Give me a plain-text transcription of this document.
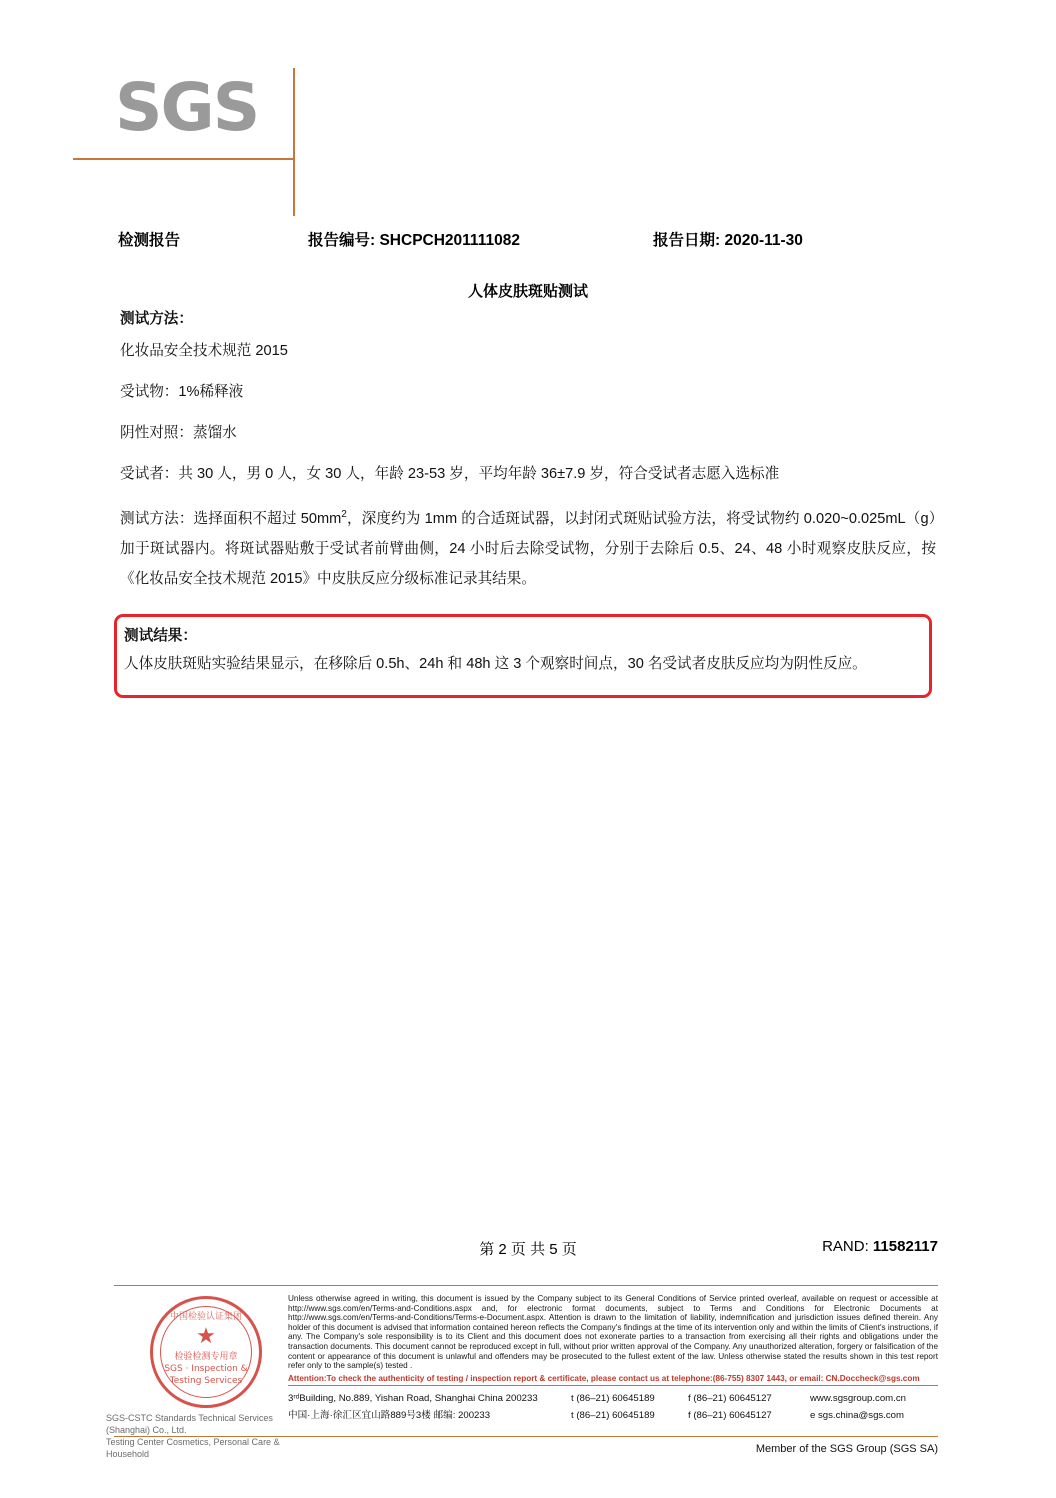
SGS
检测报告	报告编号: SHCPCH201111082	报告日期: 2020-11-30
人体皮肤斑贴测试
测试方法：
化妆品安全技术规范 2015
受试物：1%稀释液
阴性对照：蒸馏水
受试者：共 30 人，男 0 人，女 30 人，年龄 23-53 岁，平均年龄 36±7.9 岁，符合受试者志愿入选标准
测试方法：选择面积不超过 $50mm^2$，深度约为 1mm 的合适斑试器，以封闭式斑贴试验方法，将受试物约 0.020~0.025mL（g）加于斑试器内。将斑试器贴敷于受试者前臂曲侧，24 小时后去除受试物，分别于去除后 0.5、24、48 小时观察皮肤反应，按《化妆品安全技术规范 2015》中皮肤反应分级标准记录其结果。
测试结果：
人体皮肤斑贴实验结果显示，在移除后 0.5h、24h 和 48h 这 3 个观察时间点，30 名受试者皮肤反应均为阴性反应。
第 2 页 共 5 页	RAND: 11582117
中国检验认证集团
★
检验检测专用章
SGS · Inspection & Testing Services
SGS-CSTC Standards Technical Services (Shanghai) Co., Ltd.
Testing Center Cosmetics, Personal Care & Household
Unless otherwise agreed in writing, this document is issued by the Company subject to its General Conditions of Service printed overleaf, available on request or accessible at http://www.sgs.com/en/Terms-and-Conditions.aspx and, for electronic format documents, subject to Terms and Conditions for Electronic Documents at http://www.sgs.com/en/Terms-and-Conditions/Terms-e-Document.aspx. Attention is drawn to the limitation of liability, indemnification and jurisdiction issues defined therein. Any holder of this document is advised that information contained hereon reflects the Company's findings at the time of its intervention only and within the limits of Client's instructions, if any. The Company's sole responsibility is to its Client and this document does not exonerate parties to a transaction from exercising all their rights and obligations under the transaction documents. This document cannot be reproduced except in full, without prior written approval of the Company. Any unauthorized alteration, forgery or falsification of the content or appearance of this document is unlawful and offenders may be prosecuted to the fullest extent of the law. Unless otherwise stated the results shown in this test report refer only to the sample(s) tested .
Attention:To check the authenticity of testing / inspection report & certificate, please contact us at telephone:(86-755) 8307 1443, or email: CN.Doccheck@sgs.com
3ʳᵈBuilding, No.889, Yishan Road, Shanghai China 200233	t (86–21) 60645189	f (86–21) 60645127	www.sgsgroup.com.cn
中国·上海·徐汇区宜山路889号3楼 邮编: 200233	t (86–21) 60645189	f (86–21) 60645127	e sgs.china@sgs.com
Member of the SGS Group (SGS SA)
